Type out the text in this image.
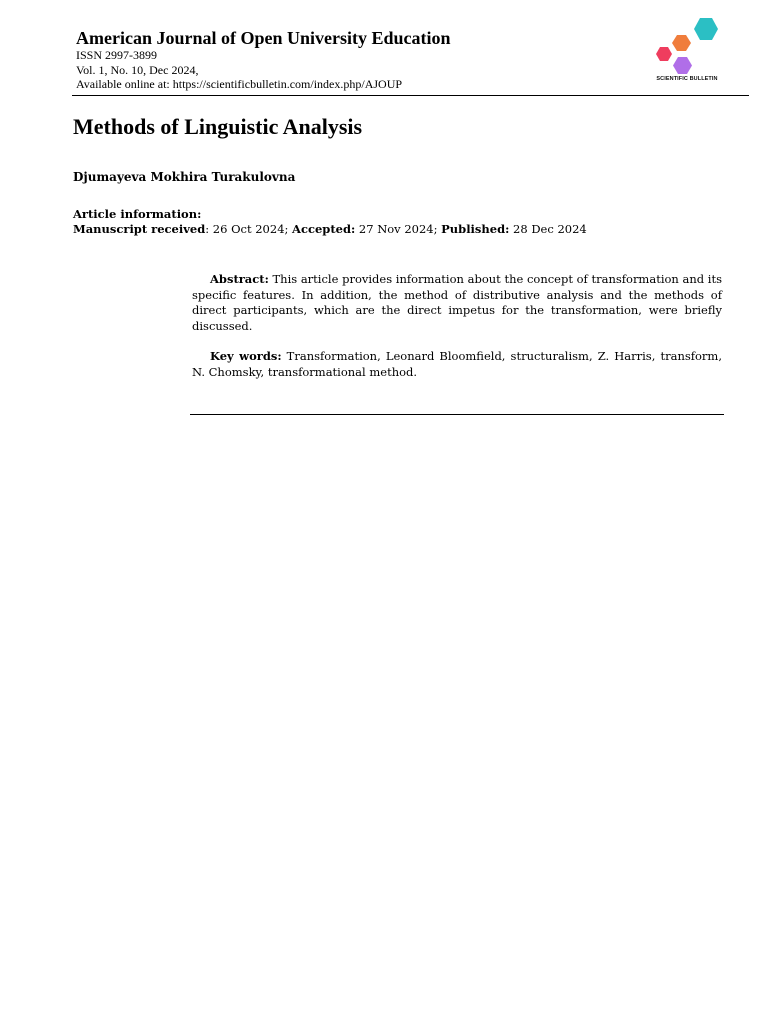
American Journal of Open University Education
ISSN 2997-3899
Vol. 1, No. 10, Dec 2024,
Available online at: https://scientificbulletin.com/index.php/AJOUP	SCIENTIFIC BULLETIN
Methods of Linguistic Analysis
Djumayeva Mokhira Turakulovna
Article information:
Manuscript received: 26 Oct 2024; Accepted: 27 Nov 2024; Published: 28 Dec 2024

Abstract: This article provides information about the concept of transformation and its specific features. In addition, the method of distributive analysis and the methods of direct participants, which are the direct impetus for the transformation, were briefly discussed.

Key words: Transformation, Leonard Bloomfield, structuralism, Z. Harris, transform, N. Chomsky, transformational method.
